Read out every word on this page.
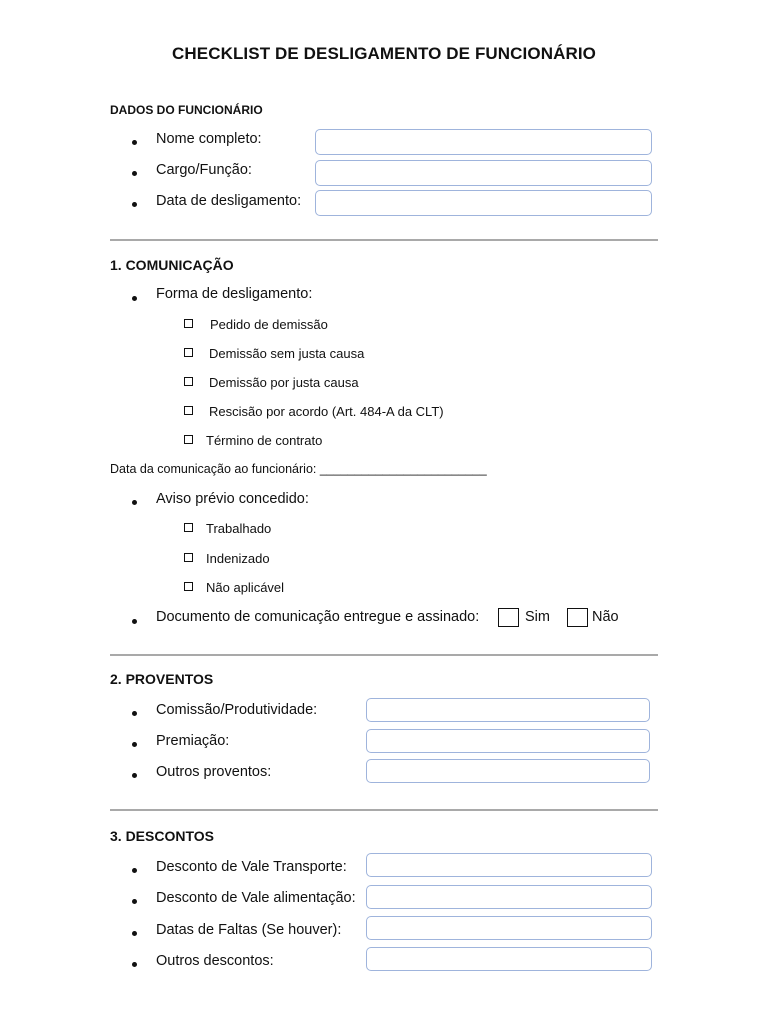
CHECKLIST DE DESLIGAMENTO DE FUNCIONÁRIO
DADOS DO FUNCIONÁRIO
Nome completo:
Cargo/Função:
Data de desligamento:
1. COMUNICAÇÃO
Forma de desligamento:
Pedido de demissão
Demissão sem justa causa
Demissão por justa causa
Rescisão por acordo (Art. 484-A da CLT)
Término de contrato
Data da comunicação ao funcionário: ________________________
Aviso prévio concedido:
Trabalhado
Indenizado
Não aplicável
Documento de comunicação entregue e assinado:	Sim	Não
2. PROVENTOS
Comissão/Produtividade:
Premiação:
Outros proventos:
3. DESCONTOS
Desconto de Vale Transporte:
Desconto de Vale alimentação:
Datas de Faltas (Se houver):
Outros descontos:
